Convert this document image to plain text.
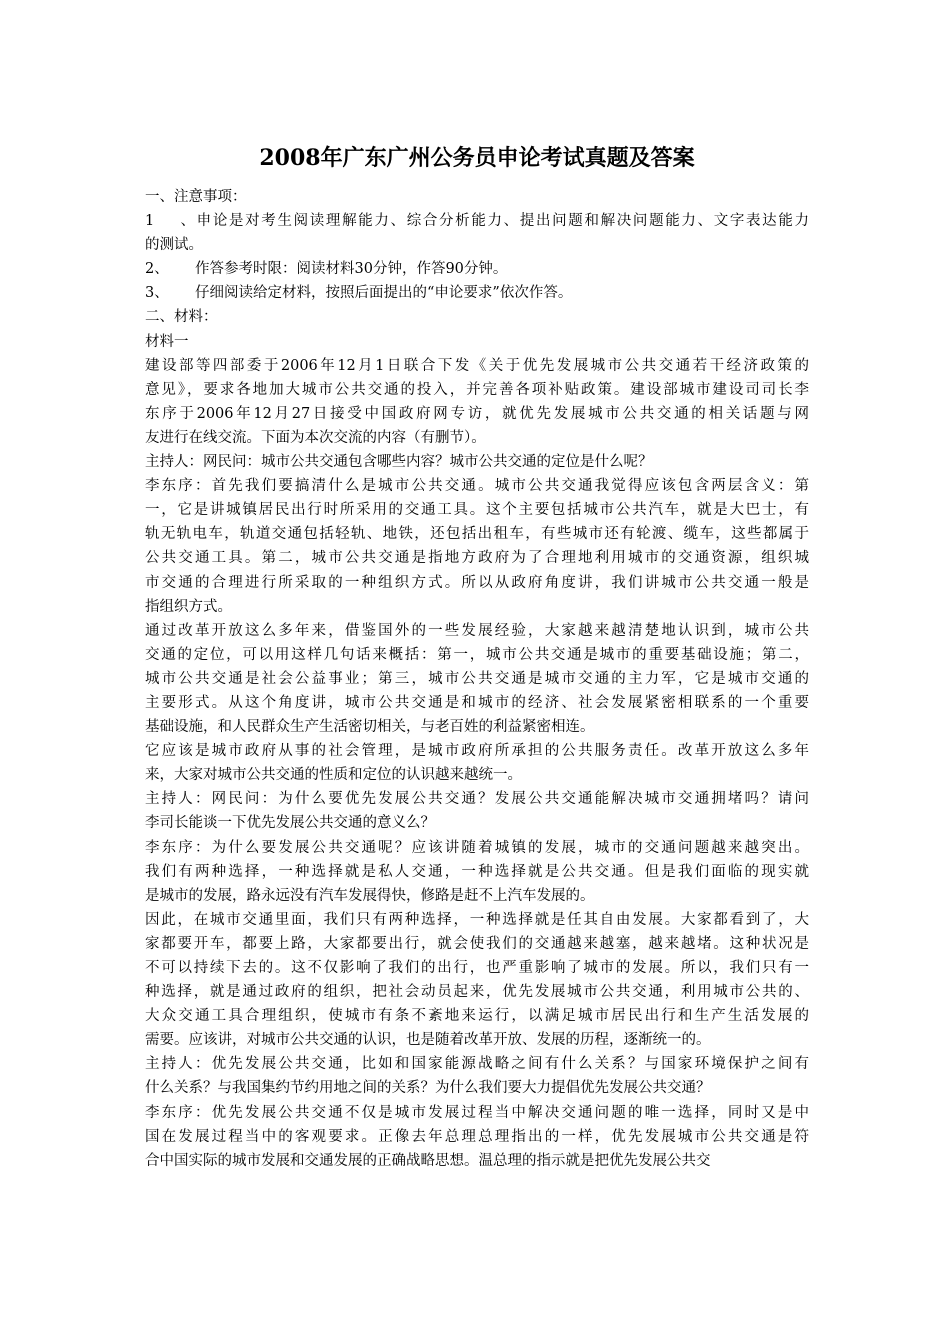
2008年广东广州公务员申论考试真题及答案
一、注意事项：
1、申论是对考生阅读理解能力、综合分析能力、提出问题和解决问题能力、文字表达能力
的测试。
2、 作答参考时限：阅读材料30分钟，作答90分钟。
3、 仔细阅读给定材料，按照后面提出的“申论要求”依次作答。
二、材料：
材料一
建设部等四部委于2006年12月1日联合下发《关于优先发展城市公共交通若干经济政策的
意见》，要求各地加大城市公共交通的投入，并完善各项补贴政策。建设部城市建设司司长李
东序于2006年12月27日接受中国政府网专访，就优先发展城市公共交通的相关话题与网
友进行在线交流。下面为本次交流的内容（有删节）。
主持人：网民问：城市公共交通包含哪些内容？城市公共交通的定位是什么呢？
李东序：首先我们要搞清什么是城市公共交通。城市公共交通我觉得应该包含两层含义：第
一，它是讲城镇居民出行时所采用的交通工具。这个主要包括城市公共汽车，就是大巴士，有
轨无轨电车，轨道交通包括轻轨、地铁，还包括出租车，有些城市还有轮渡、缆车，这些都属于
公共交通工具。第二，城市公共交通是指地方政府为了合理地利用城市的交通资源，组织城
市交通的合理进行所采取的一种组织方式。所以从政府角度讲，我们讲城市公共交通一般是
指组织方式。
通过改革开放这么多年来，借鉴国外的一些发展经验，大家越来越清楚地认识到，城市公共
交通的定位，可以用这样几句话来概括：第一，城市公共交通是城市的重要基础设施；第二，
城市公共交通是社会公益事业；第三，城市公共交通是城市交通的主力军，它是城市交通的
主要形式。从这个角度讲，城市公共交通是和城市的经济、社会发展紧密相联系的一个重要
基础设施，和人民群众生产生活密切相关，与老百姓的利益紧密相连。
它应该是城市政府从事的社会管理，是城市政府所承担的公共服务责任。改革开放这么多年
来，大家对城市公共交通的性质和定位的认识越来越统一。
主持人：网民问：为什么要优先发展公共交通？发展公共交通能解决城市交通拥堵吗？请问
李司长能谈一下优先发展公共交通的意义么？
李东序：为什么要发展公共交通呢？应该讲随着城镇的发展，城市的交通问题越来越突出。
我们有两种选择，一种选择就是私人交通，一种选择就是公共交通。但是我们面临的现实就
是城市的发展，路永远没有汽车发展得快，修路是赶不上汽车发展的。
因此，在城市交通里面，我们只有两种选择，一种选择就是任其自由发展。大家都看到了，大
家都要开车，都要上路，大家都要出行，就会使我们的交通越来越塞，越来越堵。这种状况是
不可以持续下去的。这不仅影响了我们的出行，也严重影响了城市的发展。所以，我们只有一
种选择，就是通过政府的组织，把社会动员起来，优先发展城市公共交通，利用城市公共的、
大众交通工具合理组织，使城市有条不紊地来运行，以满足城市居民出行和生产生活发展的
需要。应该讲，对城市公共交通的认识，也是随着改革开放、发展的历程，逐渐统一的。
主持人：优先发展公共交通，比如和国家能源战略之间有什么关系？与国家环境保护之间有
什么关系？与我国集约节约用地之间的关系？为什么我们要大力提倡优先发展公共交通？
李东序：优先发展公共交通不仅是城市发展过程当中解决交通问题的唯一选择，同时又是中
国在发展过程当中的客观要求。正像去年总理总理指出的一样，优先发展城市公共交通是符
合中国实际的城市发展和交通发展的正确战略思想。温总理的指示就是把优先发展公共交
